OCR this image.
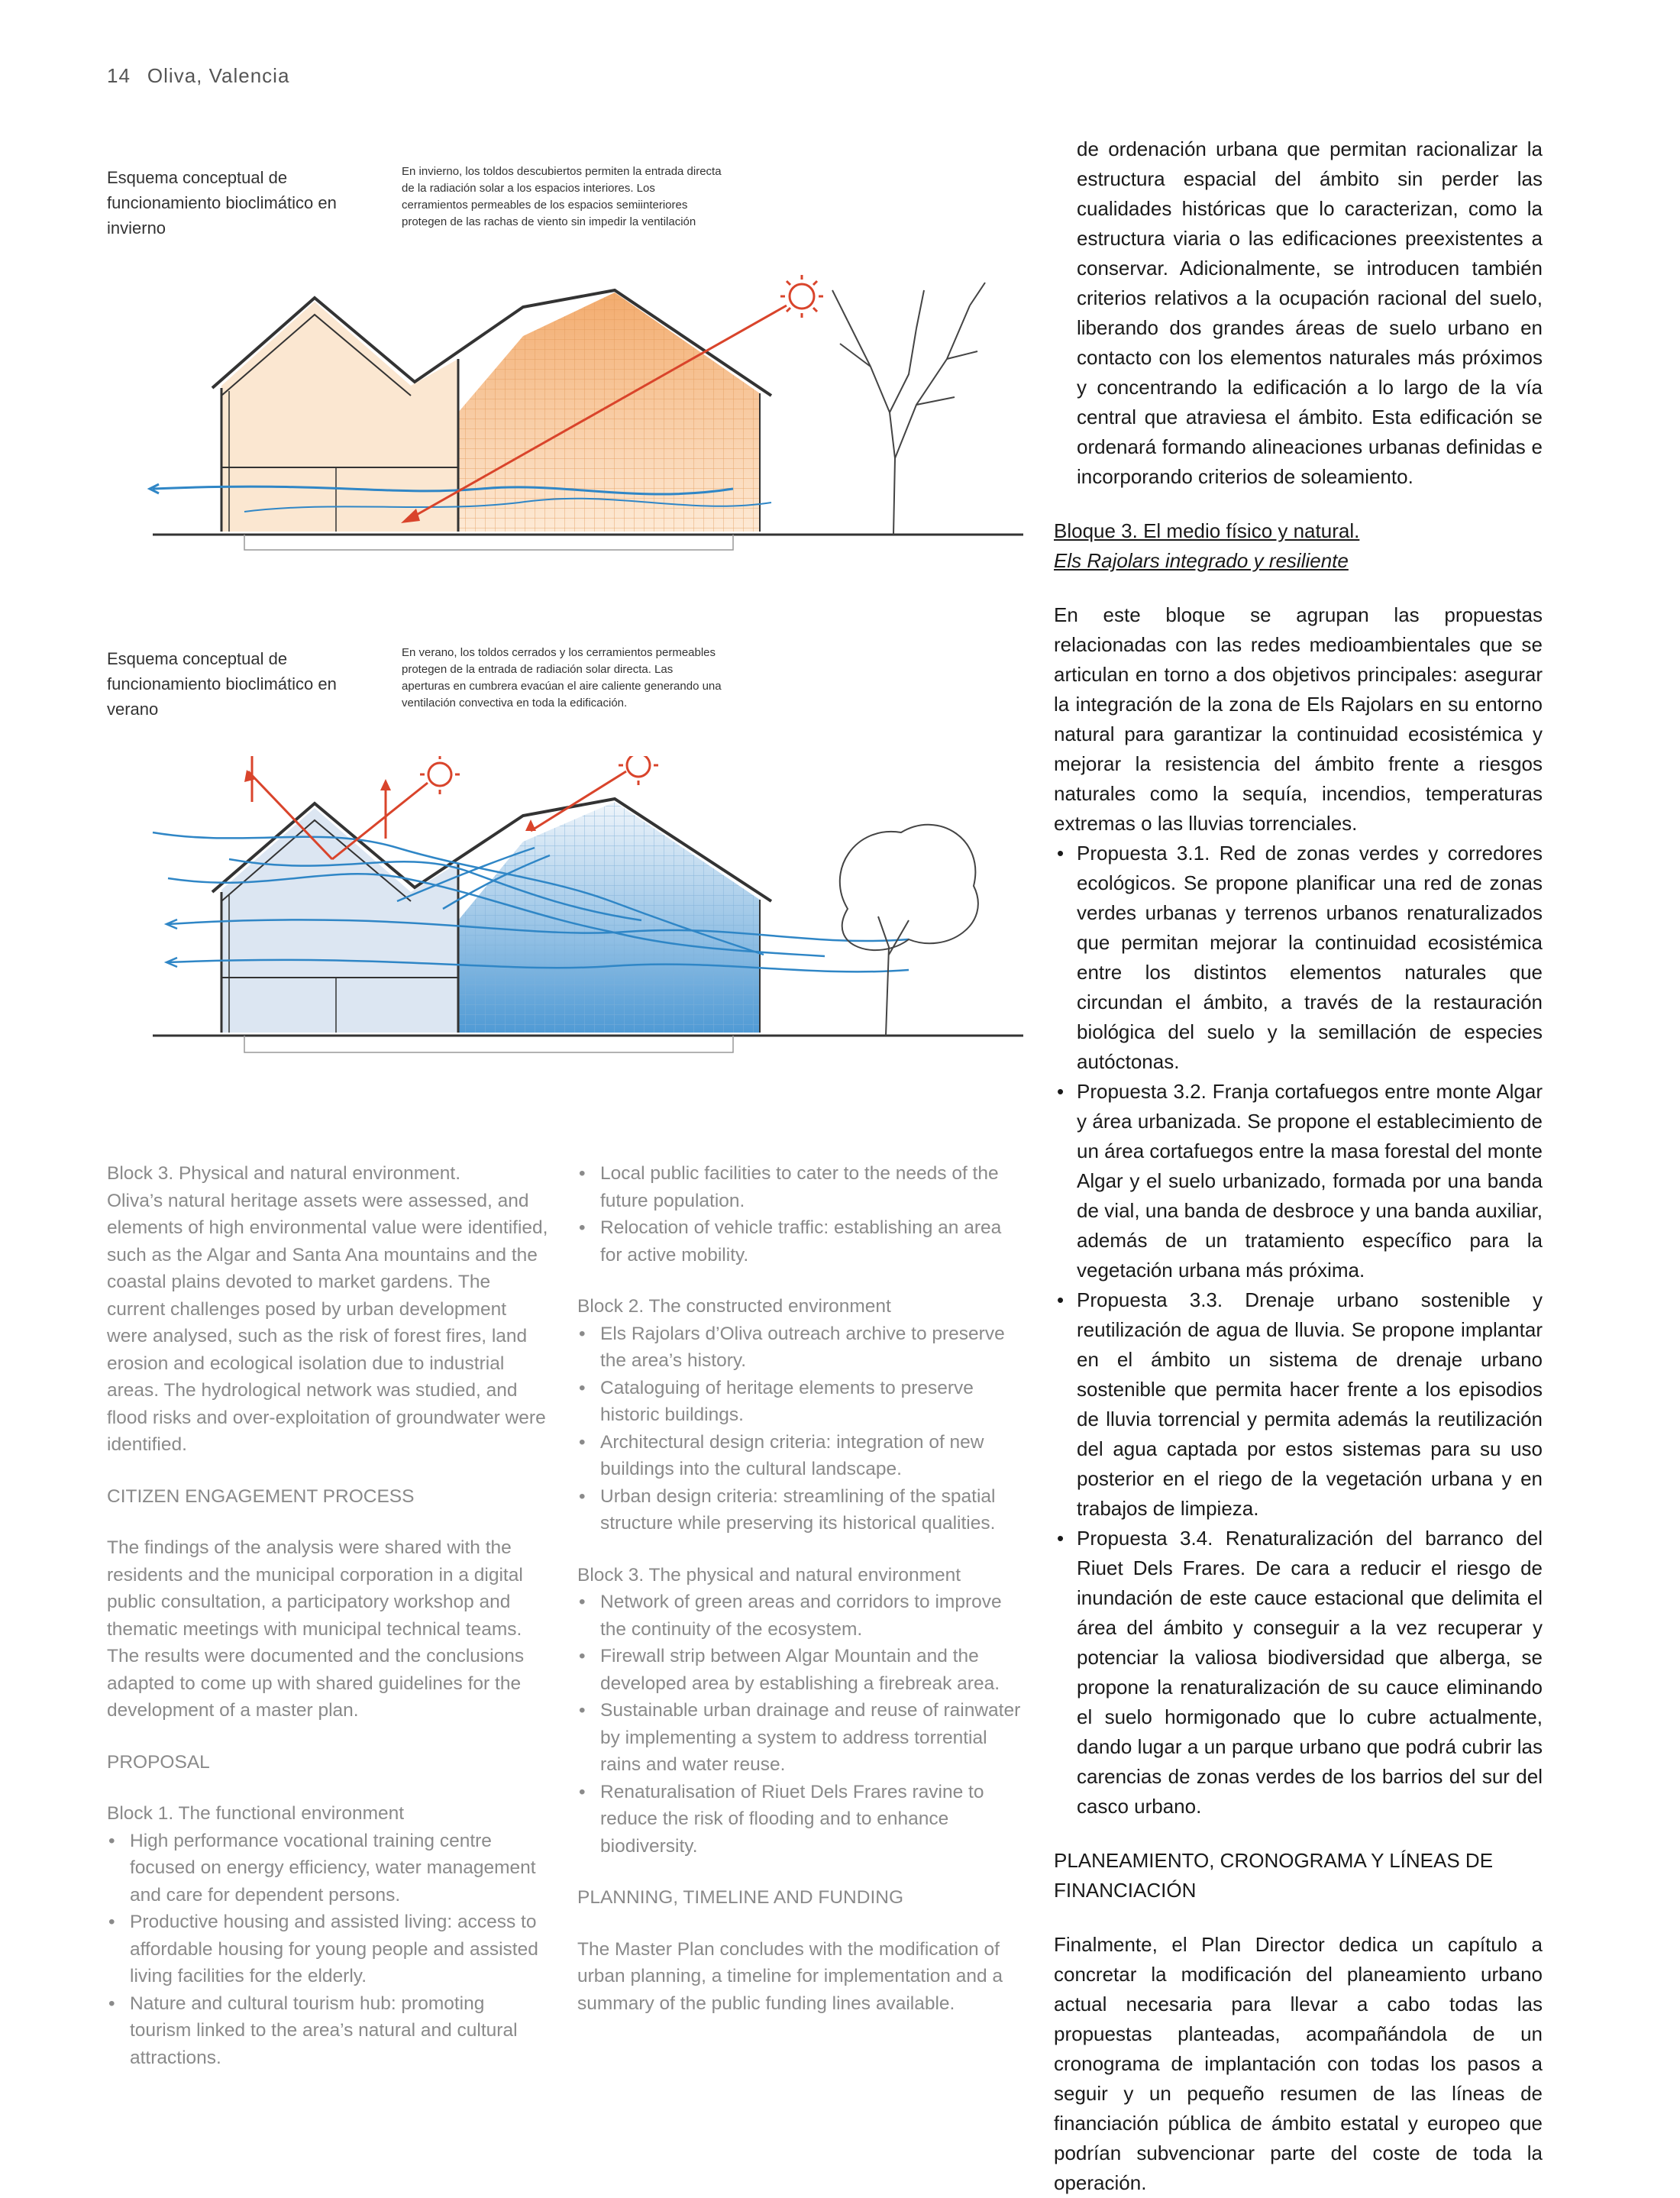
14 Oliva, Valencia
Esquema conceptual de funcionamiento bioclimático en invierno
En invierno, los toldos descubiertos permiten la entrada directa de la radiación solar a los espacios interiores. Los cerramientos permeables de los espacios semiinteriores protegen de las rachas de viento sin impedir la ventilación
Esquema conceptual de funcionamiento bioclimático en verano
En verano, los toldos cerrados y los cerramientos permeables protegen de la entrada de radiación solar directa. Las aperturas en cumbrera evacúan el aire caliente generando una ventilación convectiva en toda la edificación.

Block 3. Physical and natural environment.

Oliva’s natural heritage assets were assessed, and elements of high environmental value were identified, such as the Algar and Santa Ana mountains and the coastal plains devoted to market gardens. The current challenges posed by urban development were analysed, such as the risk of forest fires, land erosion and ecological isolation due to industrial areas. The hydrological network was studied, and flood risks and over-exploitation of groundwater were identified.

CITIZEN ENGAGEMENT PROCESS

The findings of the analysis were shared with the residents and the municipal corporation in a digital public consultation, a participatory workshop and thematic meetings with municipal technical teams. The results were documented and the conclusions adapted to come up with shared guidelines for the development of a master plan.

PROPOSAL

Block 1. The functional environment

• High performance vocational training centre focused on energy efficiency, water management and care for dependent persons.
• Productive housing and assisted living: access to affordable housing for young people and assisted living facilities for the elderly.
• Nature and cultural tourism hub: promoting tourism linked to the area’s natural and cultural attractions.
• Local public facilities to cater to the needs of the future population.
• Relocation of vehicle traffic: establishing an area for active mobility.

Block 2. The constructed environment

• Els Rajolars d’Oliva outreach archive to preserve the area’s history.
• Cataloguing of heritage elements to preserve historic buildings.
• Architectural design criteria: integration of new buildings into the cultural landscape.
• Urban design criteria: streamlining of the spatial structure while preserving its historical qualities.

Block 3. The physical and natural environment

• Network of green areas and corridors to improve the continuity of the ecosystem.
• Firewall strip between Algar Mountain and the developed area by establishing a firebreak area.
• Sustainable urban drainage and reuse of rainwater by implementing a system to address torrential rains and water reuse.
• Renaturalisation of Riuet Dels Frares ravine to reduce the risk of flooding and to enhance biodiversity.

PLANNING, TIMELINE AND FUNDING

The Master Plan concludes with the modification of urban planning, a timeline for implementation and a summary of the public funding lines available.

de ordenación urbana que permitan racionalizar la estructura espacial del ámbito sin perder las cualidades históricas que lo caracterizan, como la estructura viaria o las edificaciones preexistentes a conservar. Adicionalmente, se introducen también criterios relativos a la ocupación racional del suelo, liberando dos grandes áreas de suelo urbano en contacto con los elementos naturales más próximos y concentrando la edificación a lo largo de la vía central que atraviesa el ámbito. Esta edificación se ordenará formando alineaciones urbanas definidas e incorporando criterios de soleamiento.

Bloque 3. El medio físico y natural.

Els Rajolars integrado y resiliente

En este bloque se agrupan las propuestas relacionadas con las redes medioambientales que se articulan en torno a dos objetivos principales: asegurar la integración de la zona de Els Rajolars en su entorno natural para garantizar la continuidad ecosistémica y mejorar la resistencia del ámbito frente a riesgos naturales como la sequía, incendios, temperaturas extremas o las lluvias torrenciales.

• Propuesta 3.1. Red de zonas verdes y corredores ecológicos. Se propone planificar una red de zonas verdes urbanas y terrenos urbanos renaturalizados que permitan mejorar la continuidad ecosistémica entre los distintos elementos naturales que circundan el ámbito, a través de la restauración biológica del suelo y la semillación de especies autóctonas.
• Propuesta 3.2. Franja cortafuegos entre monte Algar y área urbanizada. Se propone el establecimiento de un área cortafuegos entre la masa forestal del monte Algar y el suelo urbanizado, formada por una banda de vial, una banda de desbroce y una banda auxiliar, además de un tratamiento específico para la vegetación urbana más próxima.
• Propuesta 3.3. Drenaje urbano sostenible y reutilización de agua de lluvia. Se propone implantar en el ámbito un sistema de drenaje urbano sostenible que permita hacer frente a los episodios de lluvia torrencial y permita además la reutilización del agua captada por estos sistemas para su uso posterior en el riego de la vegetación urbana y en trabajos de limpieza.
• Propuesta 3.4. Renaturalización del barranco del Riuet Dels Frares. De cara a reducir el riesgo de inundación de este cauce estacional que delimita el área del ámbito y conseguir a la vez recuperar y potenciar la valiosa biodiversidad que alberga, se propone la renaturalización de su cauce eliminando el suelo hormigonado que lo cubre actualmente, dando lugar a un parque urbano que podrá cubrir las carencias de zonas verdes de los barrios del sur del casco urbano.

PLANEAMIENTO, CRONOGRAMA Y LÍNEAS DE FINANCIACIÓN

Finalmente, el Plan Director dedica un capítulo a concretar la modificación del planeamiento urbano actual necesaria para llevar a cabo todas las propuestas planteadas, acompañándola de un cronograma de implantación con todas los pasos a seguir y un pequeño resumen de las líneas de financiación pública de ámbito estatal y europeo que podrían subvencionar parte del coste de toda la operación.
